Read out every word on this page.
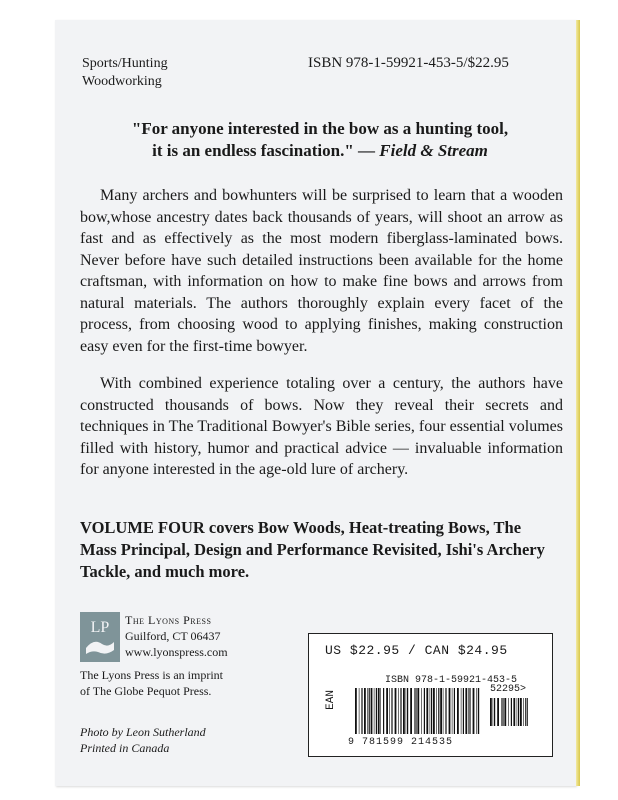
Sports/Hunting
Woodworking
ISBN 978-1-59921-453-5/$22.95
"For anyone interested in the bow as a hunting tool,
it is an endless fascination." — Field & Stream

Many archers and bowhunters will be surprised to learn that a wooden bow,whose ancestry dates back thousands of years, will shoot an arrow as fast and as effectively as the most modern fiberglass-laminated bows. Never before have such detailed instructions been available for the home craftsman, with information on how to make fine bows and arrows from natural materials. The authors thoroughly explain every facet of the process, from choosing wood to applying finishes, making construction easy even for the first-time bowyer.

With combined experience totaling over a century, the authors have constructed thousands of bows. Now they reveal their secrets and techniques in The Traditional Bowyer's Bible series, four essential volumes filled with history, humor and practical advice — invaluable information for anyone interested in the age-old lure of archery.

VOLUME FOUR covers Bow Woods, Heat-treating Bows, The Mass Principal, Design and Performance Revisited, Ishi's Archery Tackle, and much more.

LP The Lyons Press
Guilford, CT 06437
www.lyonspress.com
The Lyons Press is an imprint
of The Globe Pequot Press.
Photo by Leon Sutherland
Printed in Canada
US $22.95 / CAN $24.95
ISBN 978-1-59921-453-5
EAN
52295>
9 781599 214535
